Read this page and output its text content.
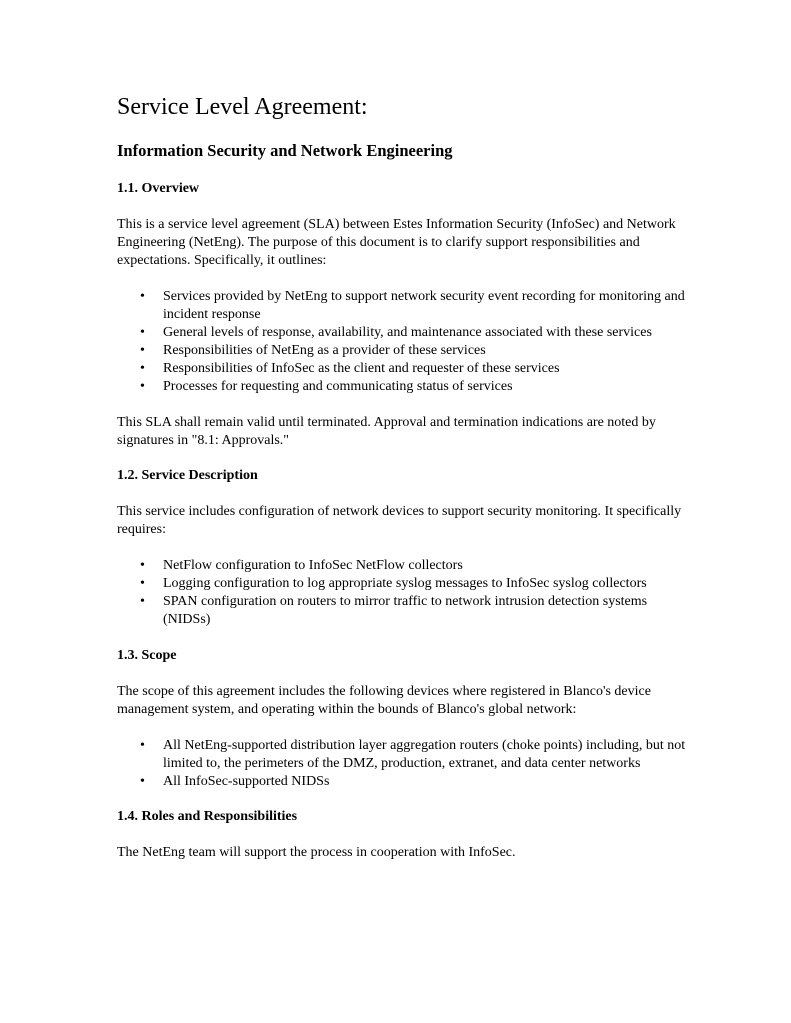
Service Level Agreement:
Information Security and Network Engineering
1.1. Overview

This is a service level agreement (SLA) between Estes Information Security (InfoSec) and Network Engineering (NetEng). The purpose of this document is to clarify support responsibilities and expectations. Specifically, it outlines:

• Services provided by NetEng to support network security event recording for monitoring and incident response
• General levels of response, availability, and maintenance associated with these services
• Responsibilities of NetEng as a provider of these services
• Responsibilities of InfoSec as the client and requester of these services
• Processes for requesting and communicating status of services

This SLA shall remain valid until terminated. Approval and termination indications are noted by signatures in "8.1: Approvals."

1.2. Service Description

This service includes configuration of network devices to support security monitoring. It specifically requires:

• NetFlow configuration to InfoSec NetFlow collectors
• Logging configuration to log appropriate syslog messages to InfoSec syslog collectors
• SPAN configuration on routers to mirror traffic to network intrusion detection systems (NIDSs)
1.3. Scope

The scope of this agreement includes the following devices where registered in Blanco's device management system, and operating within the bounds of Blanco's global network:

• All NetEng-supported distribution layer aggregation routers (choke points) including, but not limited to, the perimeters of the DMZ, production, extranet, and data center networks
• All InfoSec-supported NIDSs
1.4. Roles and Responsibilities

The NetEng team will support the process in cooperation with InfoSec.
